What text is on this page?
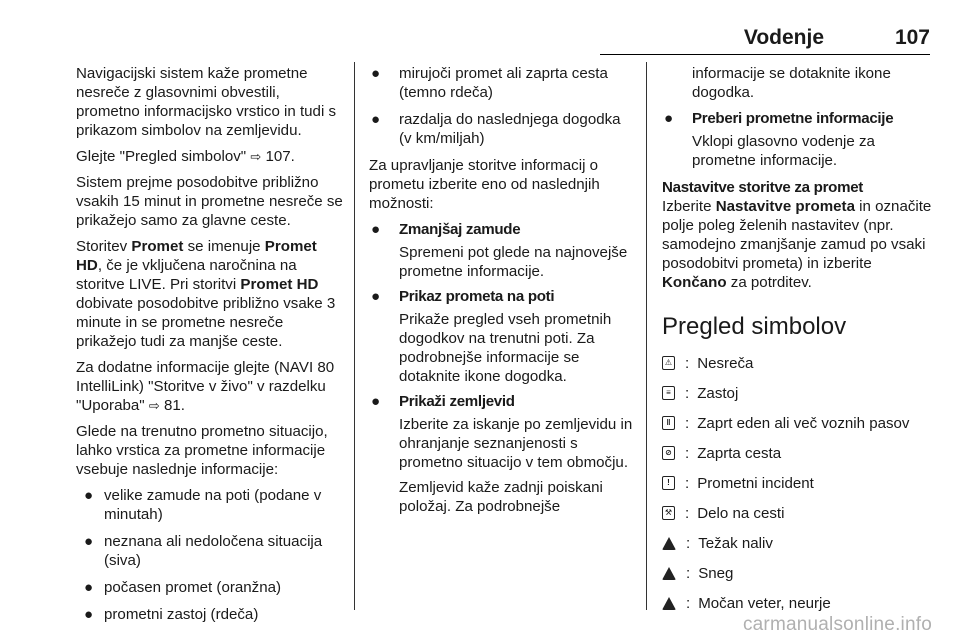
Vodenje	107

Navigacijski sistem kaže prometne nesreče z glasovnimi obvestili, prometno informacijsko vrstico in tudi s prikazom simbolov na zemljevidu.

Glejte "Pregled simbolov" ⇨ 107.

Sistem prejme posodobitve približno vsakih 15 minut in prometne nesreče se prikažejo samo za glavne ceste.

Storitev Promet se imenuje Promet HD, če je vključena naročnina na storitve LIVE. Pri storitvi Promet HD dobivate posodobitve približno vsake 3 minute in se prometne nesreče prikažejo tudi za manjše ceste.

Za dodatne informacije glejte (NAVI 80 IntelliLink) "Storitve v živo" v razdelku "Uporaba" ⇨ 81.

Glede na trenutno prometno situacijo, lahko vrstica za prometne informacije vsebuje naslednje informacije:

● velike zamude na poti (podane v minutah)
● neznana ali nedoločena situacija (siva)
● počasen promet (oranžna)
● prometni zastoj (rdeča)
● mirujoči promet ali zaprta cesta (temno rdeča)
● razdalja do naslednjega dogodka (v km/miljah)

Za upravljanje storitve informacij o prometu izberite eno od naslednjih možnosti:

● Zmanjšaj zamude
Spremeni pot glede na najnovejše prometne informacije.
● Prikaz prometa na poti
Prikaže pregled vseh prometnih dogodkov na trenutni poti. Za podrobnejše informacije se dotaknite ikone dogodka.
● Prikaži zemljevid
Izberite za iskanje po zemljevidu in ohranjanje seznanjenosti s prometno situacijo v tem območju.
Zemljevid kaže zadnji poiskani položaj. Za podrobnejše
informacije se dotaknite ikone dogodka.
● Preberi prometne informacije
Vklopi glasovno vodenje za prometne informacije.
Nastavitve storitve za promet

Izberite Nastavitve prometa in označite polje poleg želenih nastavitev (npr. samodejno zmanjšanje zamud po vsaki posodobitvi prometa) in izberite Končano za potrditev.

Pregled simbolov
⚠ : Nesreča
≡ : Zastoj
‖ : Zaprt eden ali več voznih pasov
⊘ : Zaprta cesta
!	: Prometni incident
⚒ : Delo na cesti
: Težak naliv
: Sneg
: Močan veter, neurje
carmanualsonline.info
